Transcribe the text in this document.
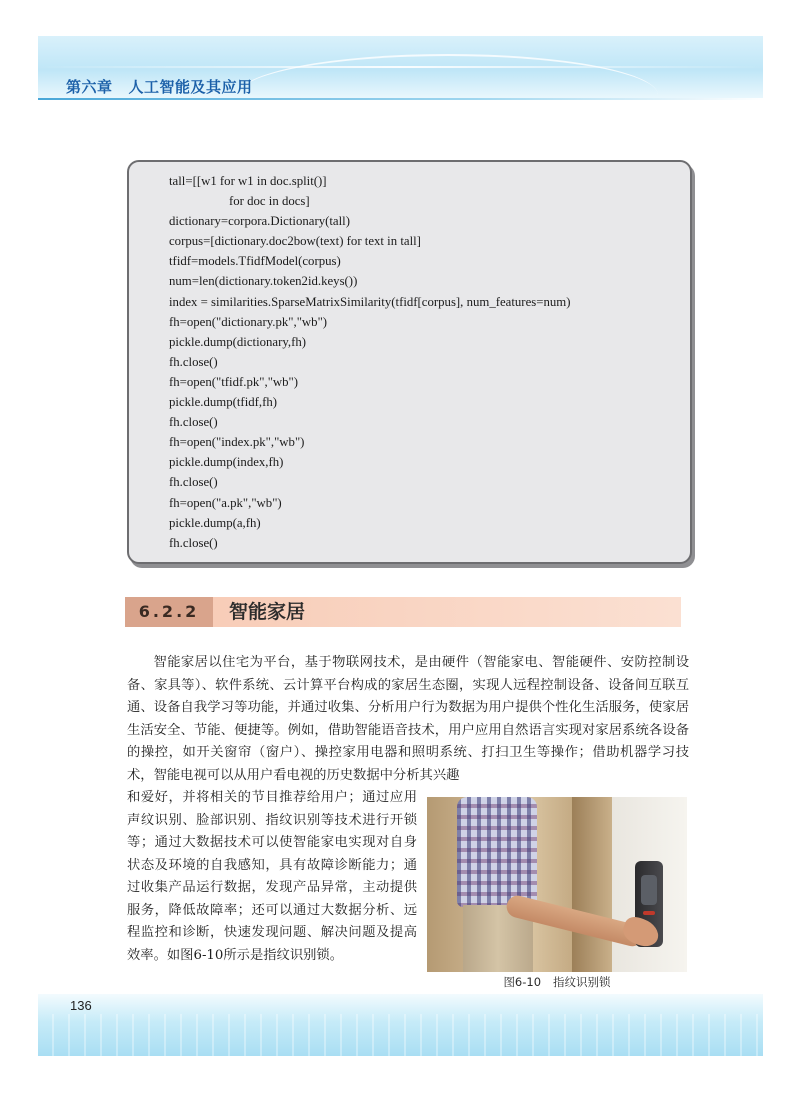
第六章 人工智能及其应用
tall=[[w1 for w1 in doc.split()]
for doc in docs]
dictionary=corpora.Dictionary(tall)
corpus=[dictionary.doc2bow(text) for text in tall]
tfidf=models.TfidfModel(corpus)
num=len(dictionary.token2id.keys())
index = similarities.SparseMatrixSimilarity(tfidf[corpus], num_features=num)
fh=open("dictionary.pk","wb")
pickle.dump(dictionary,fh)
fh.close()
fh=open("tfidf.pk","wb")
pickle.dump(tfidf,fh)
fh.close()
fh=open("index.pk","wb")
pickle.dump(index,fh)
fh.close()
fh=open("a.pk","wb")
pickle.dump(a,fh)
fh.close()
6.2.2	智能家居

智能家居以住宅为平台，基于物联网技术，是由硬件（智能家电、智能硬件、安防控制设备、家具等）、软件系统、云计算平台构成的家居生态圈，实现人远程控制设备、设备间互联互通、设备自我学习等功能，并通过收集、分析用户行为数据为用户提供个性化生活服务，使家居生活安全、节能、便捷等。例如，借助智能语音技术，用户应用自然语言实现对家居系统各设备的操控，如开关窗帘（窗户）、操控家用电器和照明系统、打扫卫生等操作；借助机器学习技术，智能电视可以从用户看电视的历史数据中分析其兴趣

和爱好，并将相关的节目推荐给用户；通过应用声纹识别、脸部识别、指纹识别等技术进行开锁等；通过大数据技术可以使智能家电实现对自身状态及环境的自我感知，具有故障诊断能力；通过收集产品运行数据，发现产品异常，主动提供服务，降低故障率；还可以通过大数据分析、远程监控和诊断，快速发现问题、解决问题及提高效率。如图6-10所示是指纹识别锁。

图6-10 指纹识别锁
136
